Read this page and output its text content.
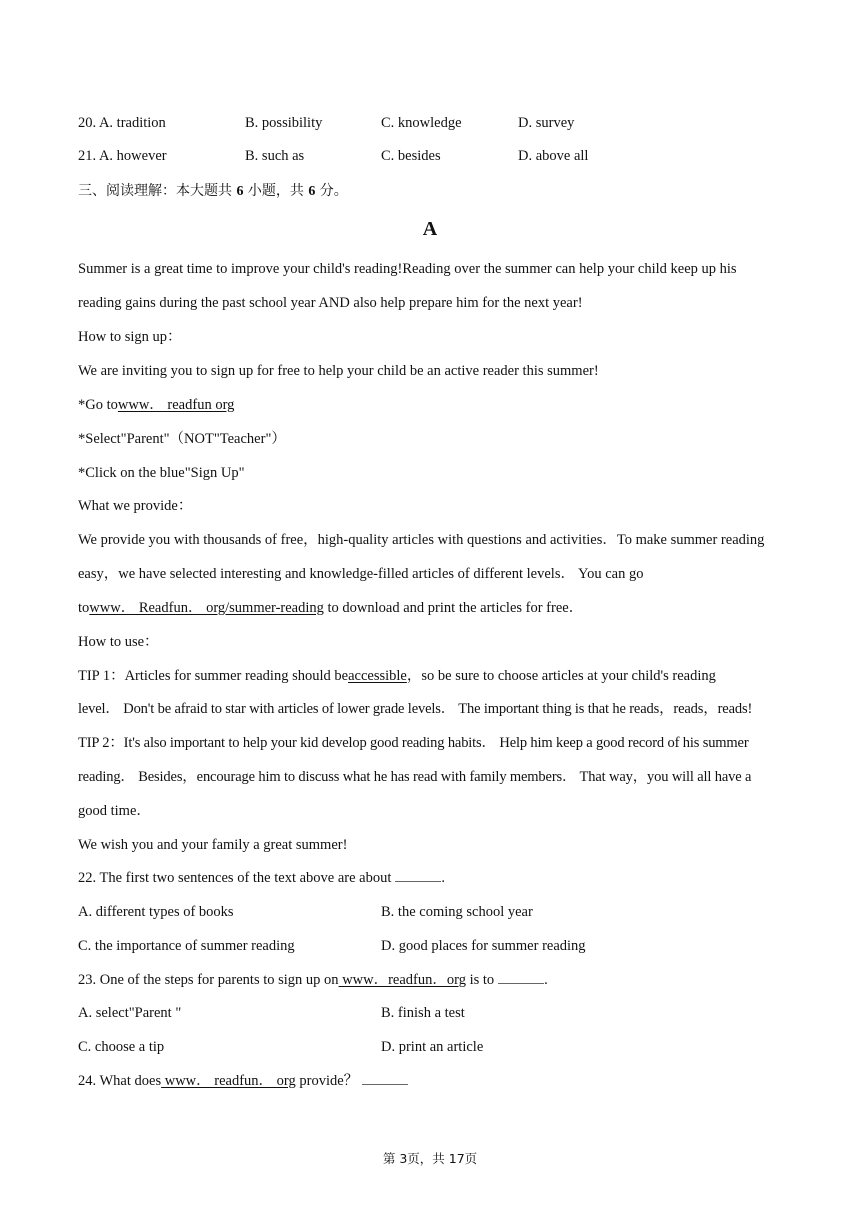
20. A. tradition	B. possibility	C. knowledge	D. survey
21. A. however	B. such as	C. besides	D. above all
三、阅读理解：本大题共 6 小题，共 6 分。
A
Summer is a great time to improve your child's reading!Reading over the summer can help your child keep up his
reading gains during the past school year AND also help prepare him for the next year!
How to sign up：
We are inviting you to sign up for free to help your child be an active reader this summer!
*Go towww． readfun org
*Select"Parent"（NOT"Teacher"）
*Click on the blue"Sign Up"
What we provide：
We provide you with thousands of free，high-quality articles with questions and activities．To make summer reading
easy，we have selected interesting and knowledge-filled articles of different levels． You can go
towww． Readfun． org/summer-reading to download and print the articles for free．
How to use：
TIP 1：Articles for summer reading should beaccessible，so be sure to choose articles at your child's reading
level． Don't be afraid to star with articles of lower grade levels． The important thing is that he reads，reads，reads!
TIP 2：It's also important to help your kid develop good reading habits． Help him keep a good record of his summer
reading． Besides，encourage him to discuss what he has read with family members． That way，you will all have a
good time．
We wish you and your family a great summer!
22. The first two sentences of the text above are about	.
A. different types of books	B. the coming school year
C. the importance of summer reading	D. good places for summer reading
23. One of the steps for parents to sign up on www．readfun．org is to	.
A. select"Parent "	B. finish a test
C. choose a tip	D. print an article
24. What does www． readfun． org provide？
第 3页，共 17页
